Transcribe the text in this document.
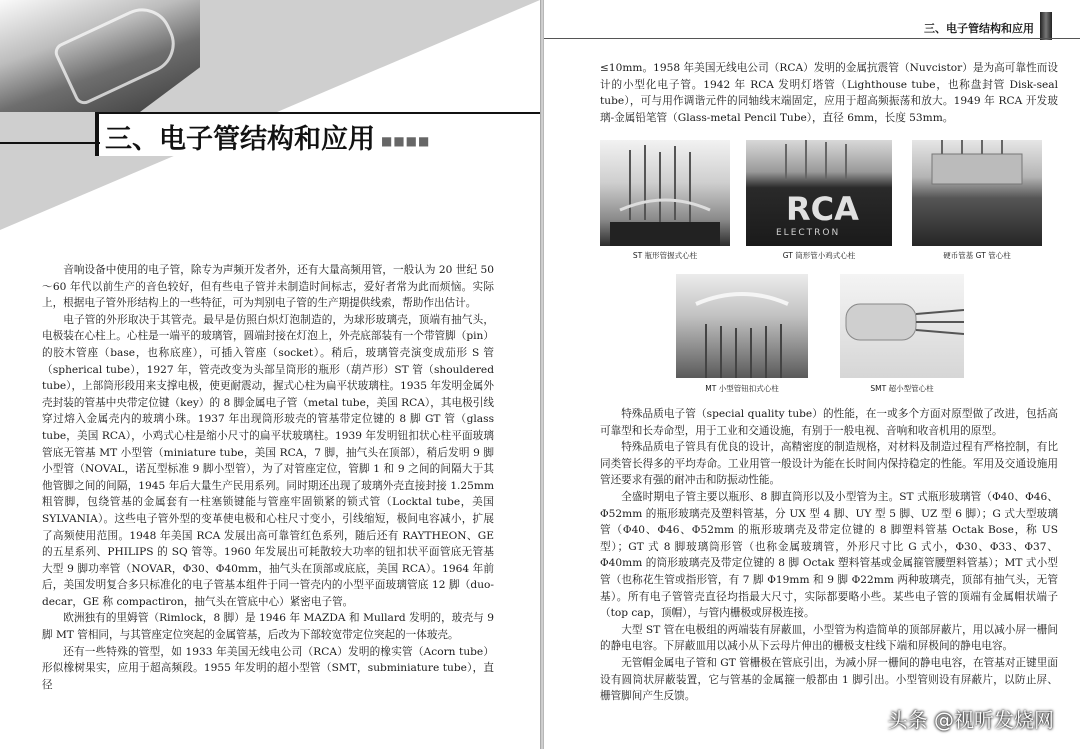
三、电子管结构和应用 ■■■■

音响设备中使用的电子管，除专为声频开发者外，还有大量高频用管，一般认为 20 世纪 50～60 年代以前生产的音色较好，但有些电子管并未制造时间标志，爱好者常为此而烦恼。实际上，根据电子管外形结构上的一些特征，可为判别电子管的生产期提供线索，帮助作出估计。

电子管的外形取决于其管壳。最早是仿照白炽灯泡制造的，为球形玻璃壳，顶端有抽气头，电极装在心柱上。心柱是一端平的玻璃管，圆端封接在灯泡上，外壳底部装有一个带管脚（pin）的胶木管座（base，也称底座），可插入管座（socket）。稍后，玻璃管壳演变成茄形 S 管（spherical tube），1927 年，管壳改变为头部呈筒形的瓶形（葫芦形）ST 管（shouldered tube），上部筒形段用来支撑电极，使更耐震动，握式心柱为扁平状玻璃柱。1935 年发明金属外壳封装的管基中央带定位键（key）的 8 脚金属电子管（metal tube，美国 RCA），其电极引线穿过熔入金属壳内的玻璃小珠。1937 年出现筒形玻壳的管基带定位键的 8 脚 GT 管（glass tube，美国 RCA），小鸡式心柱是缩小尺寸的扁平状玻璃柱。1939 年发明钮扣状心柱平面玻璃管底无管基 MT 小型管（miniature tube，美国 RCA，7 脚，抽气头在顶部），稍后发明 9 脚小型管（NOVAL，诺瓦型标准 9 脚小型管），为了对管座定位，管脚 1 和 9 之间的间隔大于其他管脚之间的间隔，1945 年后大量生产民用系列。同时期还出现了玻璃外壳直接封接 1.25mm 粗管脚，包绕管基的金属套有一柱塞锁键能与管座牢固锁紧的锁式管（Locktal tube，美国 SYLVANIA）。这些电子管外型的变革使电极和心柱尺寸变小，引线缩短，极间电容减小，扩展了高频使用范围。1948 年美国 RCA 发展出高可靠管红色系列，随后还有 RAYTHEON、GE 的五星系列、PHILIPS 的 SQ 管等。1960 年发展出可耗散较大功率的钮扣状平面管底无管基大型 9 脚功率管（NOVAR，Φ30、Φ40mm，抽气头在顶部或底底，美国 RCA）。1964 年前后，美国发明复合多只标准化的电子管基本组件于同一管壳内的小型平面玻璃管底 12 脚（duo-decar，GE 称 compactiron，抽气头在管底中心）紧密电子管。

欧洲独有的里姆管（Rimlock，8 脚）是 1946 年 MAZDA 和 Mullard 发明的，玻壳与 9 脚 MT 管相同，与其管座定位突起的金属管基，后改为下部较宽带定位突起的一体玻壳。

还有一些特殊的管型，如 1933 年美国无线电公司（RCA）发明的橡实管（Acorn tube）形似橡树果实，应用于超高频段。1955 年发明的超小型管（SMT，subminiature tube），直径

三、电子管结构和应用

≤10mm。1958 年美国无线电公司（RCA）发明的金属抗震管（Nuvcistor）是为高可靠性而设计的小型化电子管。1942 年 RCA 发明灯塔管（Lighthouse tube，也称盘封管 Disk-seal tube），可与用作调谐元件的同轴线末端固定，应用于超高频振荡和放大。1949 年 RCA 开发玻璃-金属铅笔管（Glass-metal Pencil Tube），直径 6mm，长度 53mm。

ST 瓶形管握式心柱
RCA
ELECTRON
GT 筒形管小鸡式心柱	硬币管基 GT 管心柱
MT 小型管钮扣式心柱	SMT 超小型管心柱

特殊品质电子管（special quality tube）的性能，在一或多个方面对原型做了改进，包括高可靠型和长寿命型，用于工业和交通设施，有别于一般电视、音响和收音机用的原型。

特殊品质电子管具有优良的设计，高精密度的制造规格，对材料及制造过程有严格控制，有比同类管长得多的平均寿命。工业用管一般设计为能在长时间内保持稳定的性能。军用及交通设施用管还要求有强的耐冲击和防振动性能。

全盛时期电子管主要以瓶形、8 脚直筒形以及小型管为主。ST 式瓶形玻璃管（Φ40、Φ46、Φ52mm 的瓶形玻璃壳及塑料管基，分 UX 型 4 脚、UY 型 5 脚、UZ 型 6 脚）；G 式大型玻璃管（Φ40、Φ46、Φ52mm 的瓶形玻璃壳及带定位键的 8 脚塑料管基 Octak Bose，称 US 型）；GT 式 8 脚玻璃筒形管（也称金属玻璃管，外形尺寸比 G 式小，Φ30、Φ33、Φ37、Φ40mm 的筒形玻璃壳及带定位键的 8 脚 Octak 塑料管基或金属箍管腰塑料管基）；MT 式小型管（也称花生管或指形管，有 7 脚 Φ19mm 和 9 脚 Φ22mm 两种玻璃壳，顶部有抽气头，无管基）。所有电子管管壳直径均指最大尺寸，实际都要略小些。某些电子管的顶端有金属帽状端子（top cap，顶帽），与管内栅极或屏极连接。

大型 ST 管在电极组的两端装有屏蔽皿，小型管为构造简单的顶部屏蔽片，用以减小屏一栅间的静电电容。下屏蔽皿用以减小从下云母片伸出的栅极支柱线下端和屏极间的静电电容。

无管帽金属电子管和 GT 管栅极在管底引出，为减小屏一栅间的静电电容，在管基对正键里面设有圆筒状屏蔽装置，它与管基的金属箍一般都由 1 脚引出。小型管则设有屏蔽片，以防止屏、栅管脚间产生反馈。

头条 @视听发烧网
